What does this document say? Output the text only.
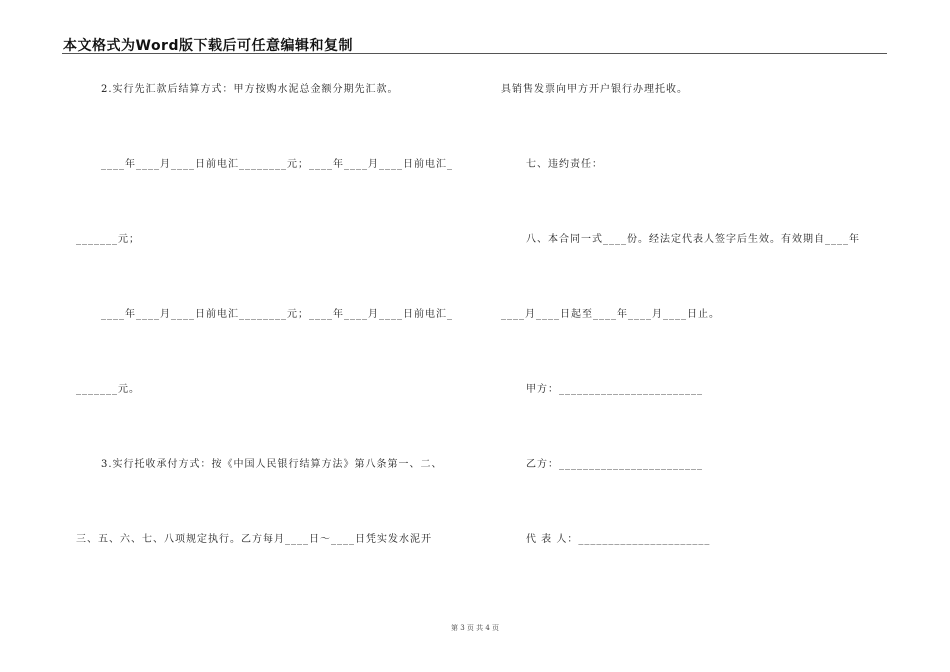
本文格式为Word版下载后可任意编辑和复制
2.实行先汇款后结算方式：甲方按购水泥总金额分期先汇款。
____年____月____日前电汇________元；____年____月____日前电汇_
_______元；
____年____月____日前电汇________元；____年____月____日前电汇_
_______元。
3.实行托收承付方式：按《中国人民银行结算方法》第八条第一、二、
三、五、六、七、八项规定执行。乙方每月____日～____日凭实发水泥开
具销售发票向甲方开户银行办理托收。
七、违约责任：
八、本合同一式____份。经法定代表人签字后生效。有效期自____年
____月____日起至____年____月____日止。
甲方：________________________
乙方：________________________
代 表 人：______________________
第 3 页 共 4 页
